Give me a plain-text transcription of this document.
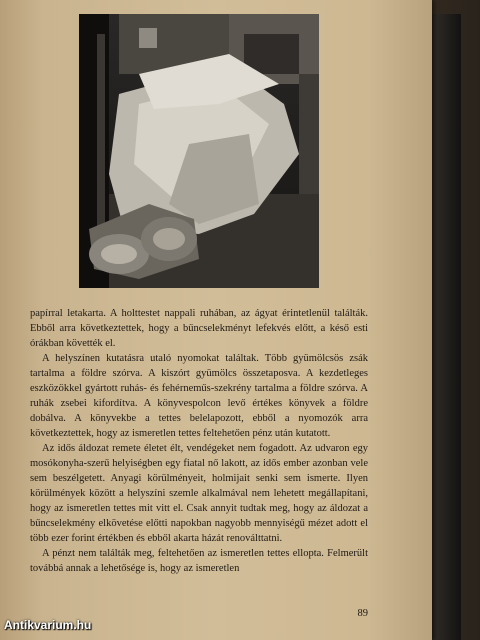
papírral letakarta. A holttestet nappali ruhában, az ágyat érintetlenül találták. Ebből arra következtettek, hogy a bűncselekményt lefekvés előtt, a késő esti órákban követték el.

A helyszínen kutatásra utaló nyomokat találtak. Több gyümölcsös zsák tartalma a földre szórva. A kiszórt gyümölcs összetaposva. A kezdetleges eszközökkel gyártott ruhás- és fehérneműs-szekrény tartalma a földre szórva. A ruhák zsebei kifordítva. A könyvespolcon levő értékes könyvek a földre dobálva. A könyvekbe a tettes belelapozott, ebből a nyomozók arra következtettek, hogy az ismeretlen tettes feltehetően pénz után kutatott.

Az idős áldozat remete életet élt, vendégeket nem fogadott. Az udvaron egy mosókonyha-szerű helyiségben egy fiatal nő lakott, az idős ember azonban vele sem beszélgetett. Anyagi körülményeit, holmijait senki sem ismerte. Ilyen körülmények között a helyszíni szemle alkalmával nem lehetett megállapítani, hogy az ismeretlen tettes mit vitt el. Csak annyit tudtak meg, hogy az áldozat a bűncselekmény elkövetése előtti napokban nagyobb mennyiségű mézet adott el több ezer forint értékben és ebből akarta házát renoválttatni.

A pénzt nem találták meg, feltehetően az ismeretlen tettes ellopta. Felmerült továbbá annak a lehetősége is, hogy az ismeretlen

89
Antikvarium.hu
